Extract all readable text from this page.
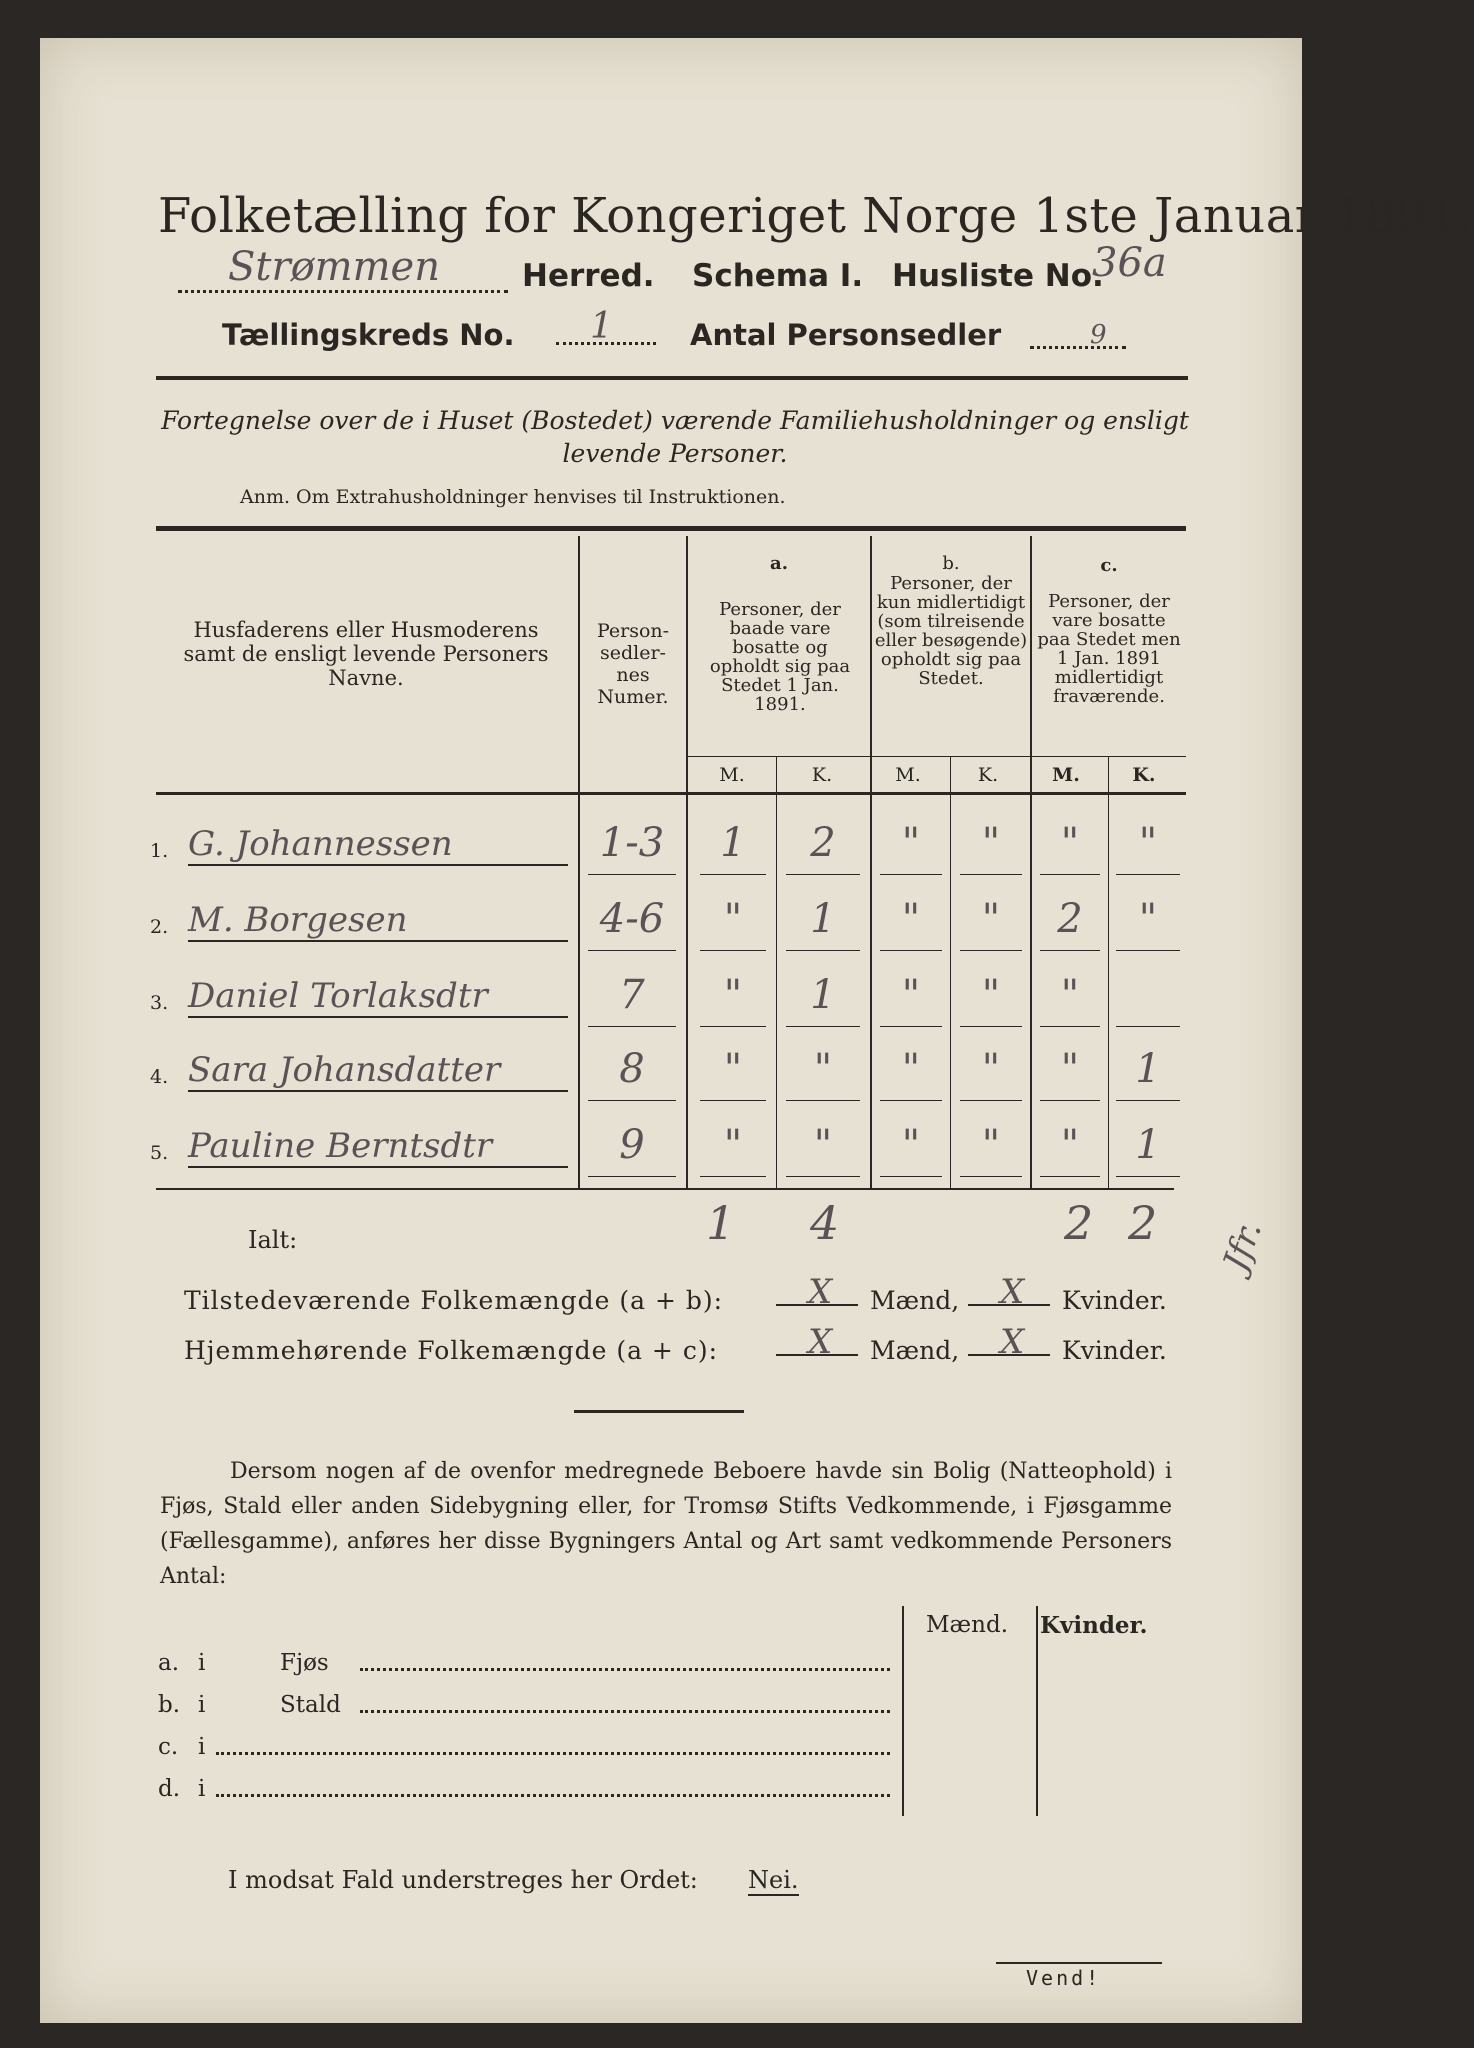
Folketælling for Kongeriget Norge 1ste Januar 1891.
Strømmen	Herred. Schema I. Husliste No.
36a
Tællingskreds No. 1	Antal Personsedler	9
Fortegnelse over de i Huset (Bostedet) værende Familiehusholdninger og ensligt
levende Personer.
Anm. Om Extrahusholdninger henvises til Instruktionen.
Husfaderens eller Husmoderens samt de ensligt levende Personers Navne.
Person-sedler-nes Numer.
a.
Personer, der baade vare bosatte og opholdt sig paa Stedet 1 Jan. 1891.
b.
Personer, der kun midlertidigt (som tilreisende eller besøgende) opholdt sig paa Stedet.
c.
Personer, der vare bosatte paa Stedet men 1 Jan. 1891 midlertidigt fraværende.
M.	K.	M.	K.	M.	K.
1. G. Johannessen	1-3	1	2	"	"	"	"
2. M. Borgesen	4-6	"	1	"	"	2	"
3. Daniel Torlaksdtr	7	"	1	"	"	"
4. Sara Johansdatter	8	"	"	"	"	"	1
5. Pauline Berntsdtr	9	"	"	"	"	"	1
Ialt:	1 4	2 2 Jfr.
Tilstedeværende Folkemængde (a + b): X Mænd, X Kvinder.
Hjemmehørende Folkemængde (a + c):	X Mænd, X Kvinder.
Dersom nogen af de ovenfor medregnede Beboere havde sin Bolig (Natteophold) i Fjøs, Stald eller anden Sidebygning eller, for Tromsø Stifts Vedkommende, i Fjøsgamme (Fællesgamme), anføres her disse Bygningers Antal og Art samt vedkommende Personers Antal:
Mænd. Kvinder.
a. i	Fjøs
b. i	Stald
c. i
d. i
I modsat Fald understreges her Ordet: Nei.
Vend!
